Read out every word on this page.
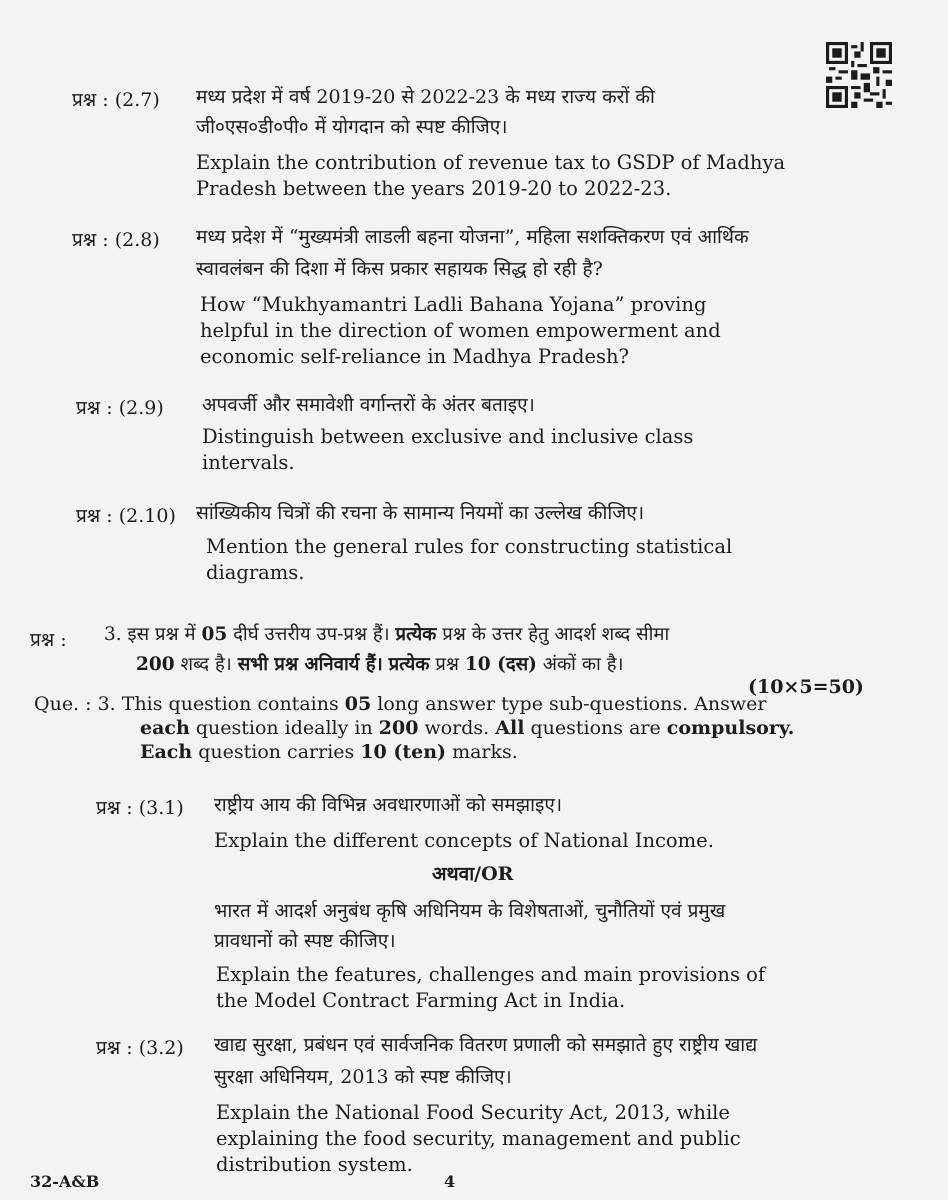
प्रश्न : (2.7) मध्य प्रदेश में वर्ष 2019-20 से 2022-23 के मध्य राज्य करों की
जी०एस०डी०पी० में योगदान को स्पष्ट कीजिए।
Explain the contribution of revenue tax to GSDP of Madhya
Pradesh between the years 2019-20 to 2022-23.
प्रश्न : (2.8) मध्य प्रदेश में “मुख्यमंत्री लाडली बहना योजना”, महिला सशक्तिकरण एवं आर्थिक
स्वावलंबन की दिशा में किस प्रकार सहायक सिद्ध हो रही है?
How “Mukhyamantri Ladli Bahana Yojana” proving
helpful in the direction of women empowerment and
economic self-reliance in Madhya Pradesh?
प्रश्न : (2.9) अपवर्जी और समावेशी वर्गान्तरों के अंतर बताइए।
Distinguish between exclusive and inclusive class
intervals.
प्रश्न : (2.10) सांख्यिकीय चित्रों की रचना के सामान्य नियमों का उल्लेख कीजिए।
Mention the general rules for constructing statistical
diagrams.
प्रश्न : 3. इस प्रश्न में 05 दीर्घ उत्तरीय उप-प्रश्न हैं। प्रत्येक प्रश्न के उत्तर हेतु आदर्श शब्द सीमा
200 शब्द है। सभी प्रश्न अनिवार्य हैं। प्रत्येक प्रश्न 10 (दस) अंकों का है।
(10×5=50)
Que. : 3. This question contains 05 long answer type sub-questions. Answer
each question ideally in 200 words. All questions are compulsory.
Each question carries 10 (ten) marks.
प्रश्न : (3.1) राष्ट्रीय आय की विभिन्न अवधारणाओं को समझाइए।
Explain the different concepts of National Income.
अथवा/OR
भारत में आदर्श अनुबंध कृषि अधिनियम के विशेषताओं, चुनौतियों एवं प्रमुख
प्रावधानों को स्पष्ट कीजिए।
Explain the features, challenges and main provisions of
the Model Contract Farming Act in India.
प्रश्न : (3.2) खाद्य सुरक्षा, प्रबंधन एवं सार्वजनिक वितरण प्रणाली को समझाते हुए राष्ट्रीय खाद्य
सुरक्षा अधिनियम, 2013 को स्पष्ट कीजिए।
Explain the National Food Security Act, 2013, while
explaining the food security, management and public
distribution system.
32-A&B	4
